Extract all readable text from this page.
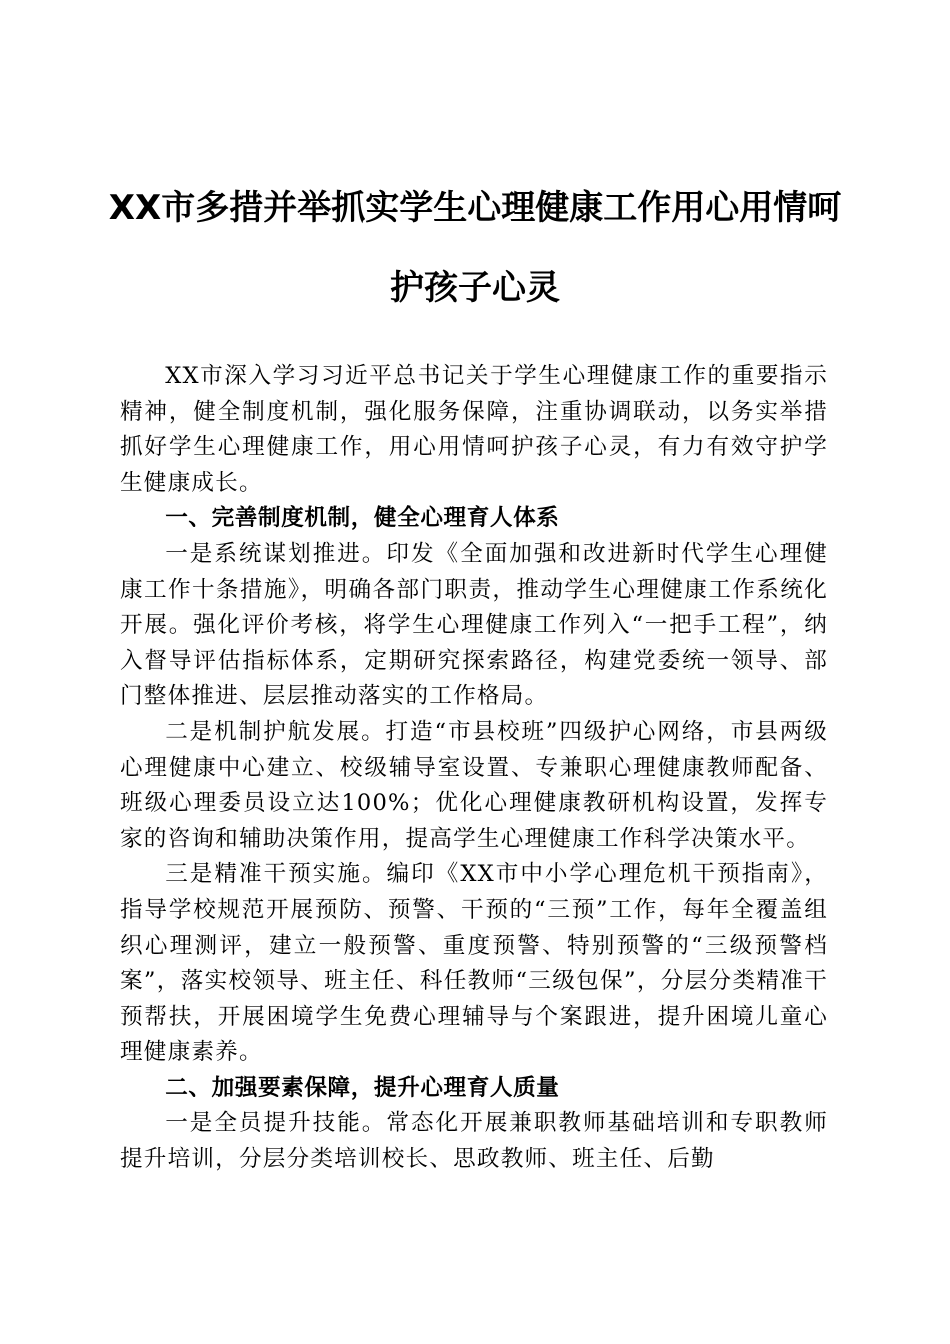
XX市多措并举抓实学生心理健康工作用心用情呵护孩子心灵

XX市深入学习习近平总书记关于学生心理健康工作的重要指示精神，健全制度机制，强化服务保障，注重协调联动，以务实举措抓好学生心理健康工作，用心用情呵护孩子心灵，有力有效守护学生健康成长。

一、完善制度机制，健全心理育人体系

一是系统谋划推进。印发《全面加强和改进新时代学生心理健康工作十条措施》，明确各部门职责，推动学生心理健康工作系统化开展。强化评价考核，将学生心理健康工作列入“一把手工程”，纳入督导评估指标体系，定期研究探索路径，构建党委统一领导、部门整体推进、层层推动落实的工作格局。

二是机制护航发展。打造“市县校班”四级护心网络，市县两级心理健康中心建立、校级辅导室设置、专兼职心理健康教师配备、班级心理委员设立达100%；优化心理健康教研机构设置，发挥专家的咨询和辅助决策作用，提高学生心理健康工作科学决策水平。

三是精准干预实施。编印《XX市中小学心理危机干预指南》，指导学校规范开展预防、预警、干预的“三预”工作，每年全覆盖组织心理测评，建立一般预警、重度预警、特别预警的“三级预警档案”，落实校领导、班主任、科任教师“三级包保”，分层分类精准干预帮扶，开展困境学生免费心理辅导与个案跟进，提升困境儿童心理健康素养。

二、加强要素保障，提升心理育人质量

一是全员提升技能。常态化开展兼职教师基础培训和专职教师提升培训，分层分类培训校长、思政教师、班主任、后勤
